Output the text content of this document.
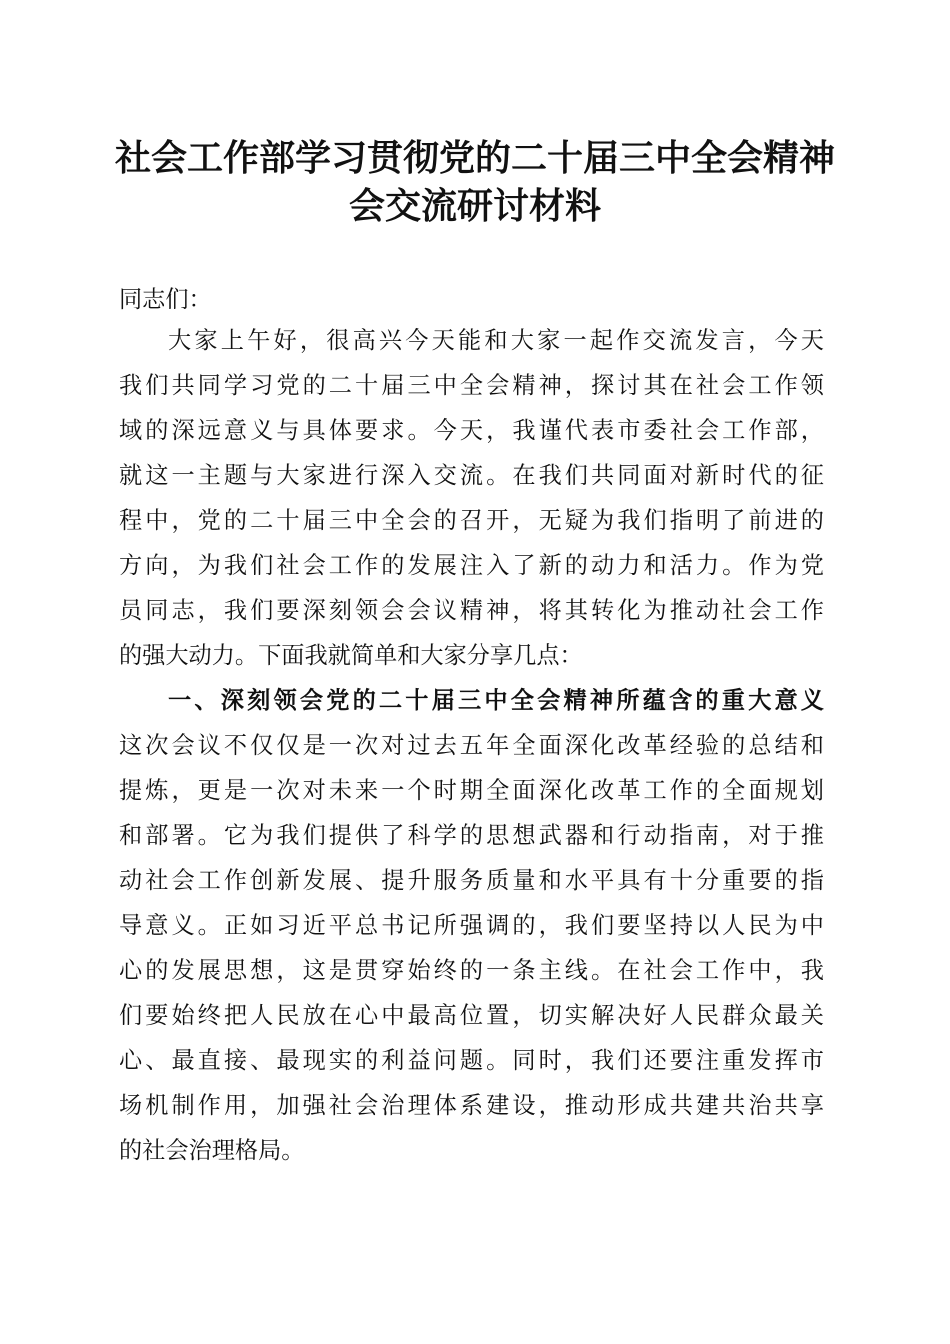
社会工作部学习贯彻党的二十届三中全会精神
会交流研讨材料
同志们：
大家上午好，很高兴今天能和大家一起作交流发言，今天
我们共同学习党的二十届三中全会精神，探讨其在社会工作领
域的深远意义与具体要求。今天，我谨代表市委社会工作部，
就这一主题与大家进行深入交流。在我们共同面对新时代的征
程中，党的二十届三中全会的召开，无疑为我们指明了前进的
方向，为我们社会工作的发展注入了新的动力和活力。作为党
员同志，我们要深刻领会会议精神，将其转化为推动社会工作
的强大动力。下面我就简单和大家分享几点：
一、深刻领会党的二十届三中全会精神所蕴含的重大意义
这次会议不仅仅是一次对过去五年全面深化改革经验的总结和
提炼，更是一次对未来一个时期全面深化改革工作的全面规划
和部署。它为我们提供了科学的思想武器和行动指南，对于推
动社会工作创新发展、提升服务质量和水平具有十分重要的指
导意义。正如习近平总书记所强调的，我们要坚持以人民为中
心的发展思想，这是贯穿始终的一条主线。在社会工作中，我
们要始终把人民放在心中最高位置，切实解决好人民群众最关
心、最直接、最现实的利益问题。同时，我们还要注重发挥市
场机制作用，加强社会治理体系建设，推动形成共建共治共享
的社会治理格局。
